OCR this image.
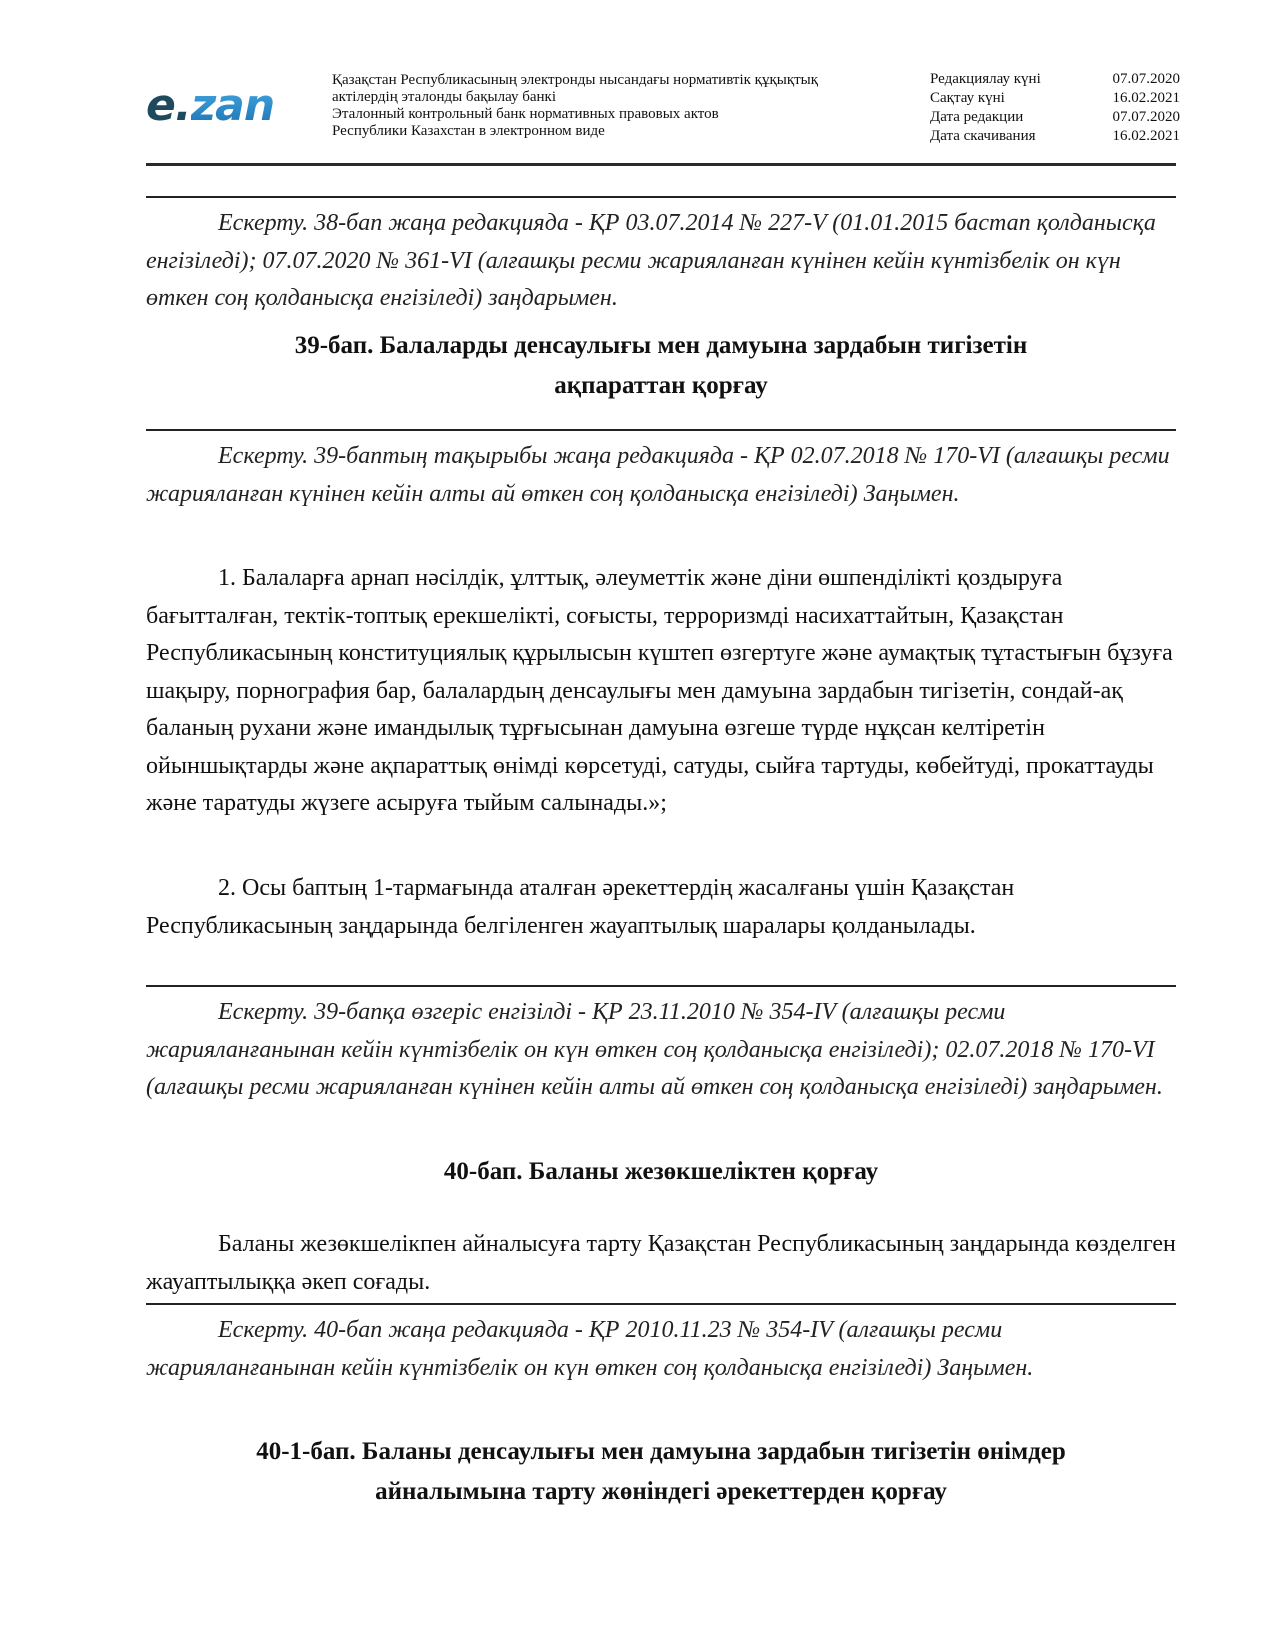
e.zan	Қазақстан Республикасының электронды нысандағы нормативтік құқықтық
актілердің эталонды бақылау банкі
Эталонный контрольный банк нормативных правовых актов
Республики Казахстан в электронном виде
Редакциялау күні	07.07.2020
Сақтау күні	16.02.2021
Дата редакции	07.07.2020
Дата скачивания	16.02.2021

Ескерту. 38-бап жаңа редакцияда - ҚР 03.07.2014 № 227-V (01.01.2015 бастап қолданысқа енгізіледі); 07.07.2020 № 361-VI (алғашқы ресми жарияланған күнінен кейін күнтізбелік он күн өткен соң қолданысқа енгізіледі) заңдарымен.

39-бап. Балаларды денсаулығы мен дамуына зардабын тигізетін
ақпараттан қорғау

Ескерту. 39-баптың тақырыбы жаңа редакцияда - ҚР 02.07.2018 № 170-VI (алғашқы ресми жарияланған күнінен кейін алты ай өткен соң қолданысқа енгізіледі) Заңымен.

1. Балаларға арнап нәсілдік, ұлттық, әлеуметтік және діни өшпенділікті қоздыруға бағытталған, тектік-топтық ерекшелікті, соғысты, терроризмді насихаттайтын, Қазақстан Республикасының конституциялық құрылысын күштеп өзгертуге және аумақтық тұтастығын бұзуға шақыру, порнография бар, балалардың денсаулығы мен дамуына зардабын тигізетін, сондай-ақ баланың рухани және имандылық тұрғысынан дамуына өзгеше түрде нұқсан келтіретін ойыншықтарды және ақпараттық өнімді көрсетуді, сатуды, сыйға тартуды, көбейтуді, прокаттауды және таратуды жүзеге асыруға тыйым салынады.»;

2. Осы баптың 1-тармағында аталған әрекеттердің жасалғаны үшін Қазақстан Республикасының заңдарында белгіленген жауаптылық шаралары қолданылады.

Ескерту. 39-бапқа өзгеріс енгізілді - ҚР 23.11.2010 № 354-IV (алғашқы ресми жарияланғанынан кейін күнтізбелік он күн өткен соң қолданысқа енгізіледі); 02.07.2018 № 170-VI (алғашқы ресми жарияланған күнінен кейін алты ай өткен соң қолданысқа енгізіледі) заңдарымен.

40-бап. Баланы жезөкшеліктен қорғау

Баланы жезөкшелікпен айналысуға тарту Қазақстан Республикасының заңдарында көзделген жауаптылыққа әкеп соғады.

Ескерту. 40-бап жаңа редакцияда - ҚР 2010.11.23 № 354-IV (алғашқы ресми жарияланғанынан кейін күнтізбелік он күн өткен соң қолданысқа енгізіледі) Заңымен.

40-1-бап. Баланы денсаулығы мен дамуына зардабын тигізетін өнімдер
айналымына тарту жөніндегі әрекеттерден қорғау
